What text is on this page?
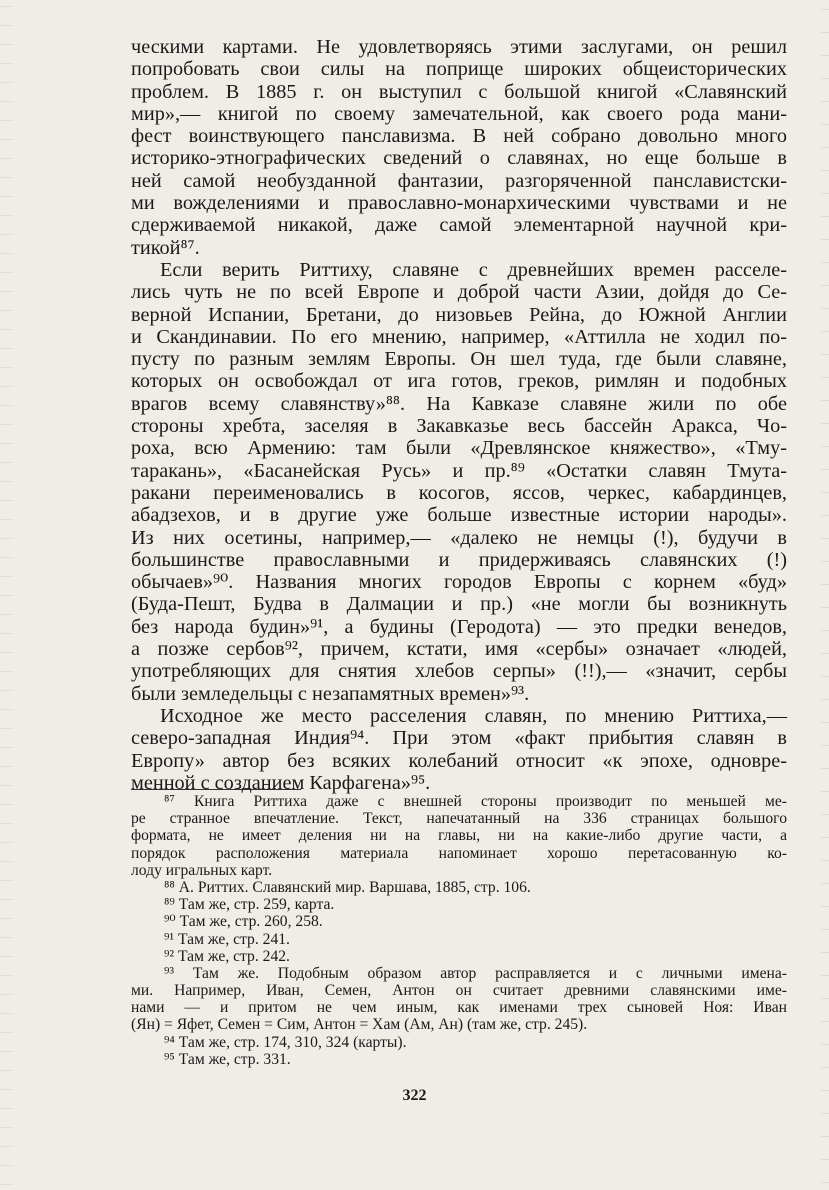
ческими картами. Не удовлетворяясь этими заслугами, он решил
попробовать свои силы на поприще широких общеисторических
проблем. В 1885 г. он выступил с большой книгой «Славянский
мир»,— книгой по своему замечательной, как своего рода мани-
фест воинствующего панславизма. В ней собрано довольно много
историко-этнографических сведений о славянах, но еще больше в
ней самой необузданной фантазии, разгоряченной панславистски-
ми вожделениями и православно-монархическими чувствами и не
сдерживаемой никакой, даже самой элементарной научной кри-
тикой⁸⁷.
Если верить Риттиху, славяне с древнейших времен расселе-
лись чуть не по всей Европе и доброй части Азии, дойдя до Се-
верной Испании, Бретани, до низовьев Рейна, до Южной Англии
и Скандинавии. По его мнению, например, «Аттилла не ходил по-
пусту по разным землям Европы. Он шел туда, где были славяне,
которых он освобождал от ига готов, греков, римлян и подобных
врагов всему славянству»⁸⁸. На Кавказе славяне жили по обе
стороны хребта, заселяя в Закавказье весь бассейн Аракса, Чо-
роха, всю Армению: там были «Древлянское княжество», «Тму-
таракань», «Басанейская Русь» и пр.⁸⁹ «Остатки славян Тмута-
ракани переименовались в косогов, яссов, черкес, кабардинцев,
абадзехов, и в другие уже больше известные истории народы».
Из них осетины, например,— «далеко не немцы (!), будучи в
большинстве православными и придерживаясь славянских (!)
обычаев»⁹⁰. Названия многих городов Европы с корнем «буд»
(Буда-Пешт, Будва в Далмации и пр.) «не могли бы возникнуть
без народа будин»⁹¹, а будины (Геродота) — это предки венедов,
а позже сербов⁹², причем, кстати, имя «сербы» означает «людей,
употребляющих для снятия хлебов серпы» (!!),— «значит, сербы
были земледельцы с незапамятных времен»⁹³.
Исходное же место расселения славян, по мнению Риттиха,—
северо-западная Индия⁹⁴. При этом «факт прибытия славян в
Европу» автор без всяких колебаний относит «к эпохе, одновре-
менной с созданием Карфагена»⁹⁵.
⁸⁷ Книга Риттиха даже с внешней стороны производит по меньшей ме-
ре странное впечатление. Текст, напечатанный на 336 страницах большого
формата, не имеет деления ни на главы, ни на какие-либо другие части, а
порядок расположения материала напоминает хорошо перетасованную ко-
лоду игральных карт.
⁸⁸ А. Риттих. Славянский мир. Варшава, 1885, стр. 106.
⁸⁹ Там же, стр. 259, карта.
⁹⁰ Там же, стр. 260, 258.
⁹¹ Там же, стр. 241.
⁹² Там же, стр. 242.
⁹³ Там же. Подобным образом автор расправляется и с личными имена-
ми. Например, Иван, Семен, Антон он считает древними славянскими име-
нами — и притом не чем иным, как именами трех сыновей Ноя: Иван
(Ян) = Яфет, Семен = Сим, Антон = Хам (Ам, Ан) (там же, стр. 245).
⁹⁴ Там же, стр. 174, 310, 324 (карты).
⁹⁵ Там же, стр. 331.
322
